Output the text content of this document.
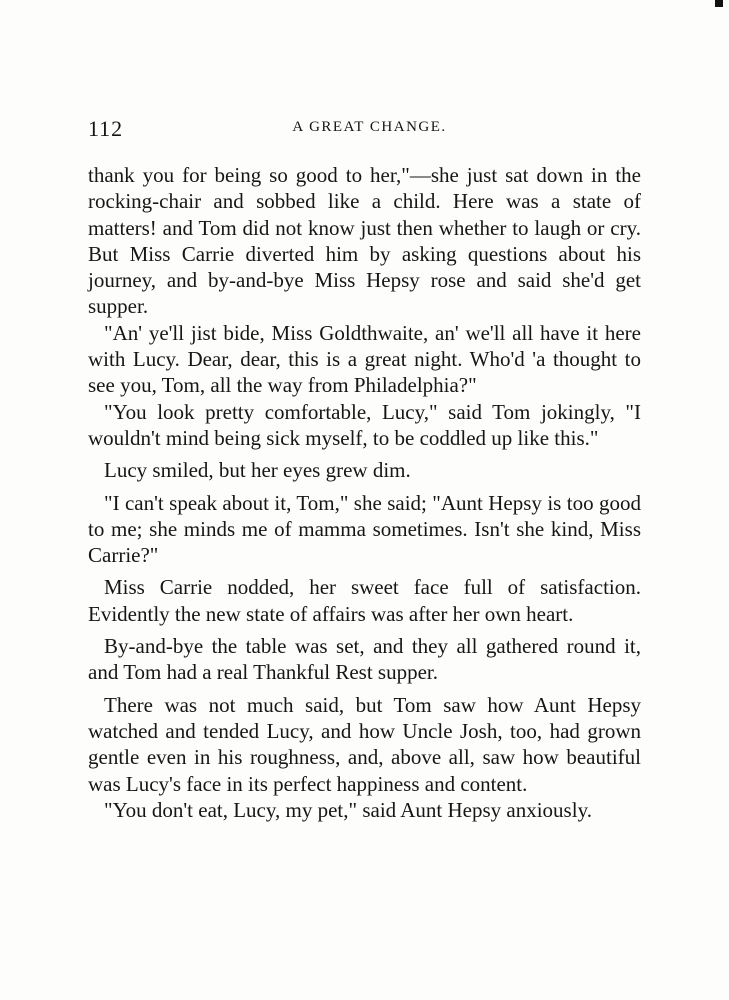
112	A GREAT CHANGE.

thank you for being so good to her,"—she just sat down in the rocking-chair and sobbed like a child. Here was a state of matters! and Tom did not know just then whether to laugh or cry. But Miss Carrie diverted him by asking questions about his journey, and by-and-bye Miss Hepsy rose and said she'd get supper.

"An' ye'll jist bide, Miss Goldthwaite, an' we'll all have it here with Lucy. Dear, dear, this is a great night. Who'd 'a thought to see you, Tom, all the way from Philadelphia?"

"You look pretty comfortable, Lucy," said Tom jokingly, "I wouldn't mind being sick myself, to be coddled up like this."

Lucy smiled, but her eyes grew dim.

"I can't speak about it, Tom," she said; "Aunt Hepsy is too good to me; she minds me of mamma sometimes. Isn't she kind, Miss Carrie?"

Miss Carrie nodded, her sweet face full of satisfaction. Evidently the new state of affairs was after her own heart.

By-and-bye the table was set, and they all gathered round it, and Tom had a real Thankful Rest supper.

There was not much said, but Tom saw how Aunt Hepsy watched and tended Lucy, and how Uncle Josh, too, had grown gentle even in his roughness, and, above all, saw how beautiful was Lucy's face in its perfect happiness and content.

"You don't eat, Lucy, my pet," said Aunt Hepsy anxiously.
